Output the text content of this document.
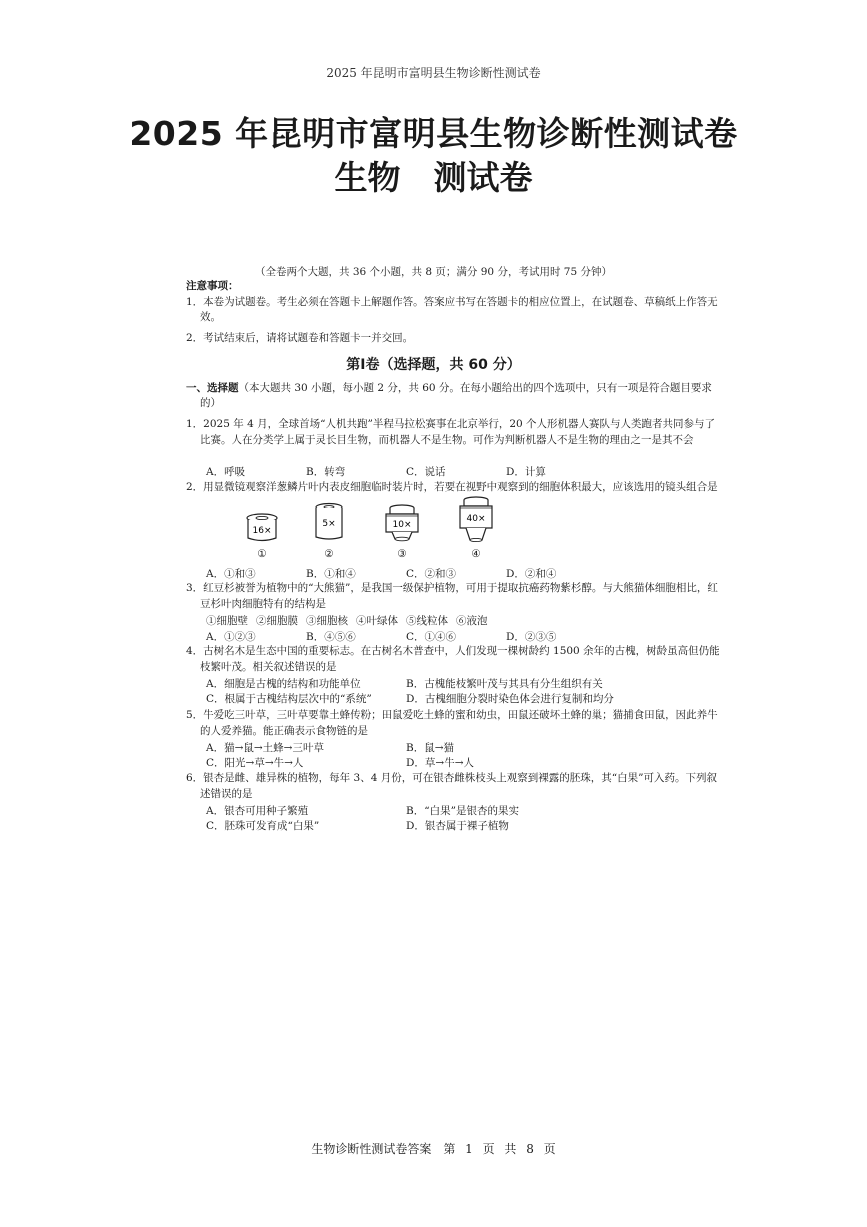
2025 年昆明市富明县生物诊断性测试卷
2025 年昆明市富明县生物诊断性测试卷
生物　测试卷
（全卷两个大题，共 36 个小题，共 8 页；满分 90 分，考试用时 75 分钟）
注意事项：
1．本卷为试题卷。考生必须在答题卡上解题作答。答案应书写在答题卡的相应位置上，在试题卷、草稿纸上作答无效。
2．考试结束后，请将试题卷和答题卡一并交回。
第Ⅰ卷（选择题，共 60 分）
一、选择题（本大题共 30 小题，每小题 2 分，共 60 分。在每小题给出的四个选项中，只有一项是符合题目要求的）
1．2025 年 4 月，全球首场“人机共跑”半程马拉松赛事在北京举行，20 个人形机器人赛队与人类跑者共同参与了比赛。人在分类学上属于灵长目生物，而机器人不是生物。可作为判断机器人不是生物的理由之一是其不会
A．呼吸	B．转弯	C．说话	D．计算
2．用显微镜观察洋葱鳞片叶内表皮细胞临时装片时，若要在视野中观察到的细胞体积最大，应该选用的镜头组合是
16×
①
5×
②
10×
③
40×
④
A．①和③	B．①和④	C．②和③	D．②和④
3．红豆杉被誉为植物中的“大熊猫”，是我国一级保护植物，可用于提取抗癌药物紫杉醇。与大熊猫体细胞相比，红豆杉叶肉细胞特有的结构是
①细胞壁 ②细胞膜 ③细胞核 ④叶绿体 ⑤线粒体 ⑥液泡
A．①②③	B．④⑤⑥	C．①④⑥	D．②③⑤
4．古树名木是生态中国的重要标志。在古树名木普查中，人们发现一棵树龄约 1500 余年的古槐，树龄虽高但仍能枝繁叶茂。相关叙述错误的是
A．细胞是古槐的结构和功能单位	B．古槐能枝繁叶茂与其具有分生组织有关
C．根属于古槐结构层次中的“系统”	D．古槐细胞分裂时染色体会进行复制和均分
5．牛爱吃三叶草，三叶草要靠土蜂传粉；田鼠爱吃土蜂的蜜和幼虫，田鼠还破坏土蜂的巢；猫捕食田鼠，因此养牛的人爱养猫。能正确表示食物链的是
A．猫→鼠→土蜂→三叶草	B．鼠→猫
C．阳光→草→牛→人	D．草→牛→人
6．银杏是雌、雄异株的植物，每年 3、4 月份，可在银杏雌株枝头上观察到裸露的胚珠，其“白果”可入药。下列叙述错误的是
A．银杏可用种子繁殖	B．“白果”是银杏的果实
C．胚珠可发育成“白果”	D．银杏属于裸子植物
生物诊断性测试卷答案　第 1 页 共 8 页
